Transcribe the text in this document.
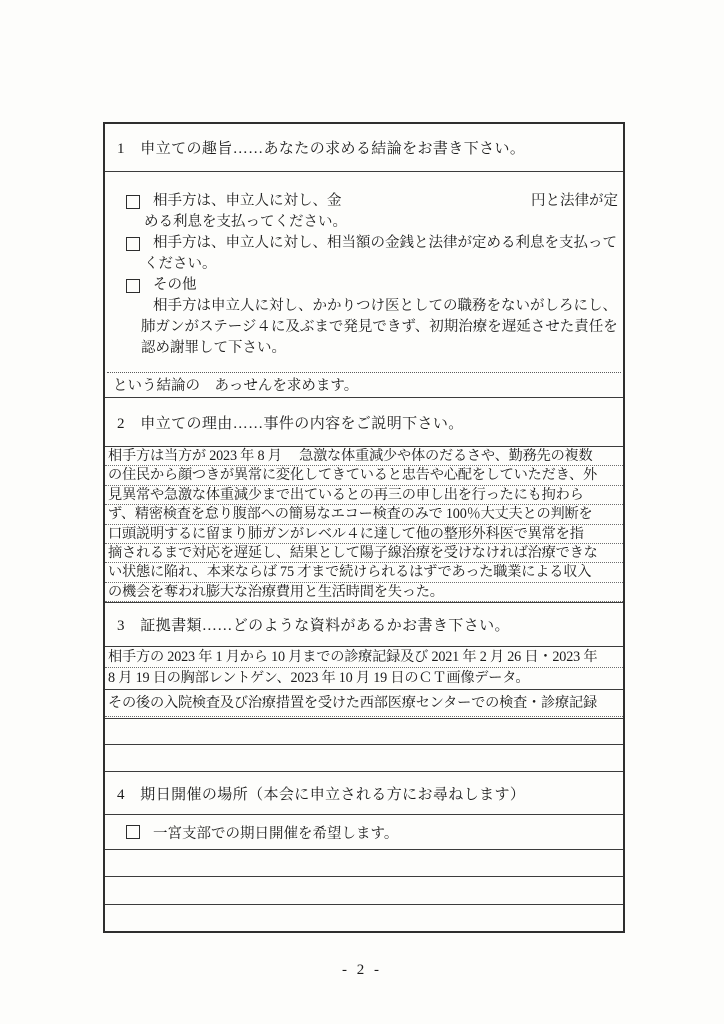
1　申立ての趣旨……あなたの求める結論をお書き下さい。
相手方は、申立人に対し、金	円と法律が定
める利息を支払ってください。
相手方は、申立人に対し、相当額の金銭と法律が定める利息を支払って
ください。
その他
相手方は申立人に対し、かかりつけ医としての職務をないがしろにし、
肺ガンがステージ４に及ぶまで発見できず、初期治療を遅延させた責任を
認め謝罪して下さい。
という結論の　あっせんを求めます。
2　申立ての理由……事件の内容をご説明下さい。
相手方は当方が 2023 年 8 月　 急激な体重減少や体のだるさや、勤務先の複数
の住民から顔つきが異常に変化してきていると忠告や心配をしていただき、外
見異常や急激な体重減少まで出ているとの再三の申し出を行ったにも拘わら
ず、精密検査を怠り腹部への簡易なエコー検査のみで 100％大丈夫との判断を
口頭説明するに留まり肺ガンがレベル４に達して他の整形外科医で異常を指
摘されるまで対応を遅延し、結果として陽子線治療を受けなければ治療できな
い状態に陥れ、本来ならば 75 才まで続けられるはずであった職業による収入
の機会を奪われ膨大な治療費用と生活時間を失った。
3　証拠書類……どのような資料があるかお書き下さい。
相手方の 2023 年 1 月から 10 月までの診療記録及び 2021 年 2 月 26 日・2023 年
8 月 19 日の胸部レントゲン、2023 年 10 月 19 日のＣＴ画像データ。
その後の入院検査及び治療措置を受けた西部医療センターでの検査・診療記録
4　期日開催の場所（本会に申立される方にお尋ねします）
一宮支部での期日開催を希望します。
- 2 -
